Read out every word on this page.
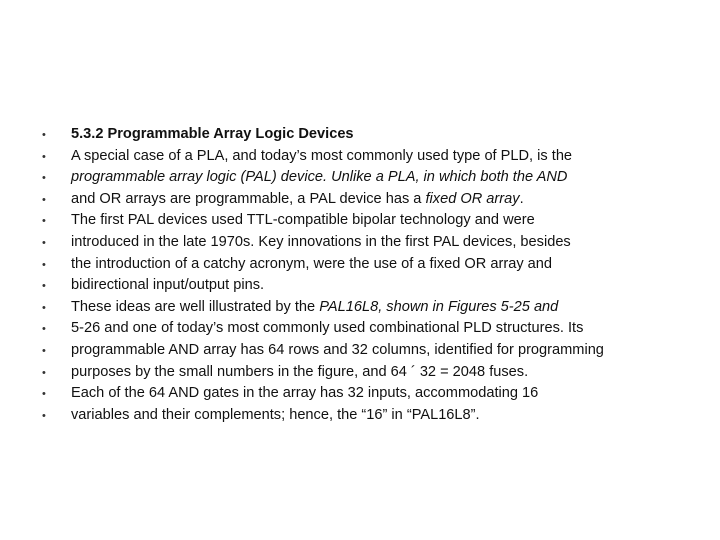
•	5.3.2 Programmable Array Logic Devices
•	A special case of a PLA, and today’s most commonly used type of PLD, is the
•	programmable array logic (PAL) device. Unlike a PLA, in which both the AND
•	and OR arrays are programmable, a PAL device has a fixed OR array.
•	The first PAL devices used TTL-compatible bipolar technology and were
•	introduced in the late 1970s. Key innovations in the first PAL devices, besides
•	the introduction of a catchy acronym, were the use of a fixed OR array and
•	bidirectional input/output pins.
•	These ideas are well illustrated by the PAL16L8, shown in Figures 5-25 and
•	5-26 and one of today’s most commonly used combinational PLD structures. Its
•	programmable AND array has 64 rows and 32 columns, identified for programming
•	purposes by the small numbers in the figure, and 64 ´ 32 = 2048 fuses.
•	Each of the 64 AND gates in the array has 32 inputs, accommodating 16
•	variables and their complements; hence, the “16” in “PAL16L8”.
